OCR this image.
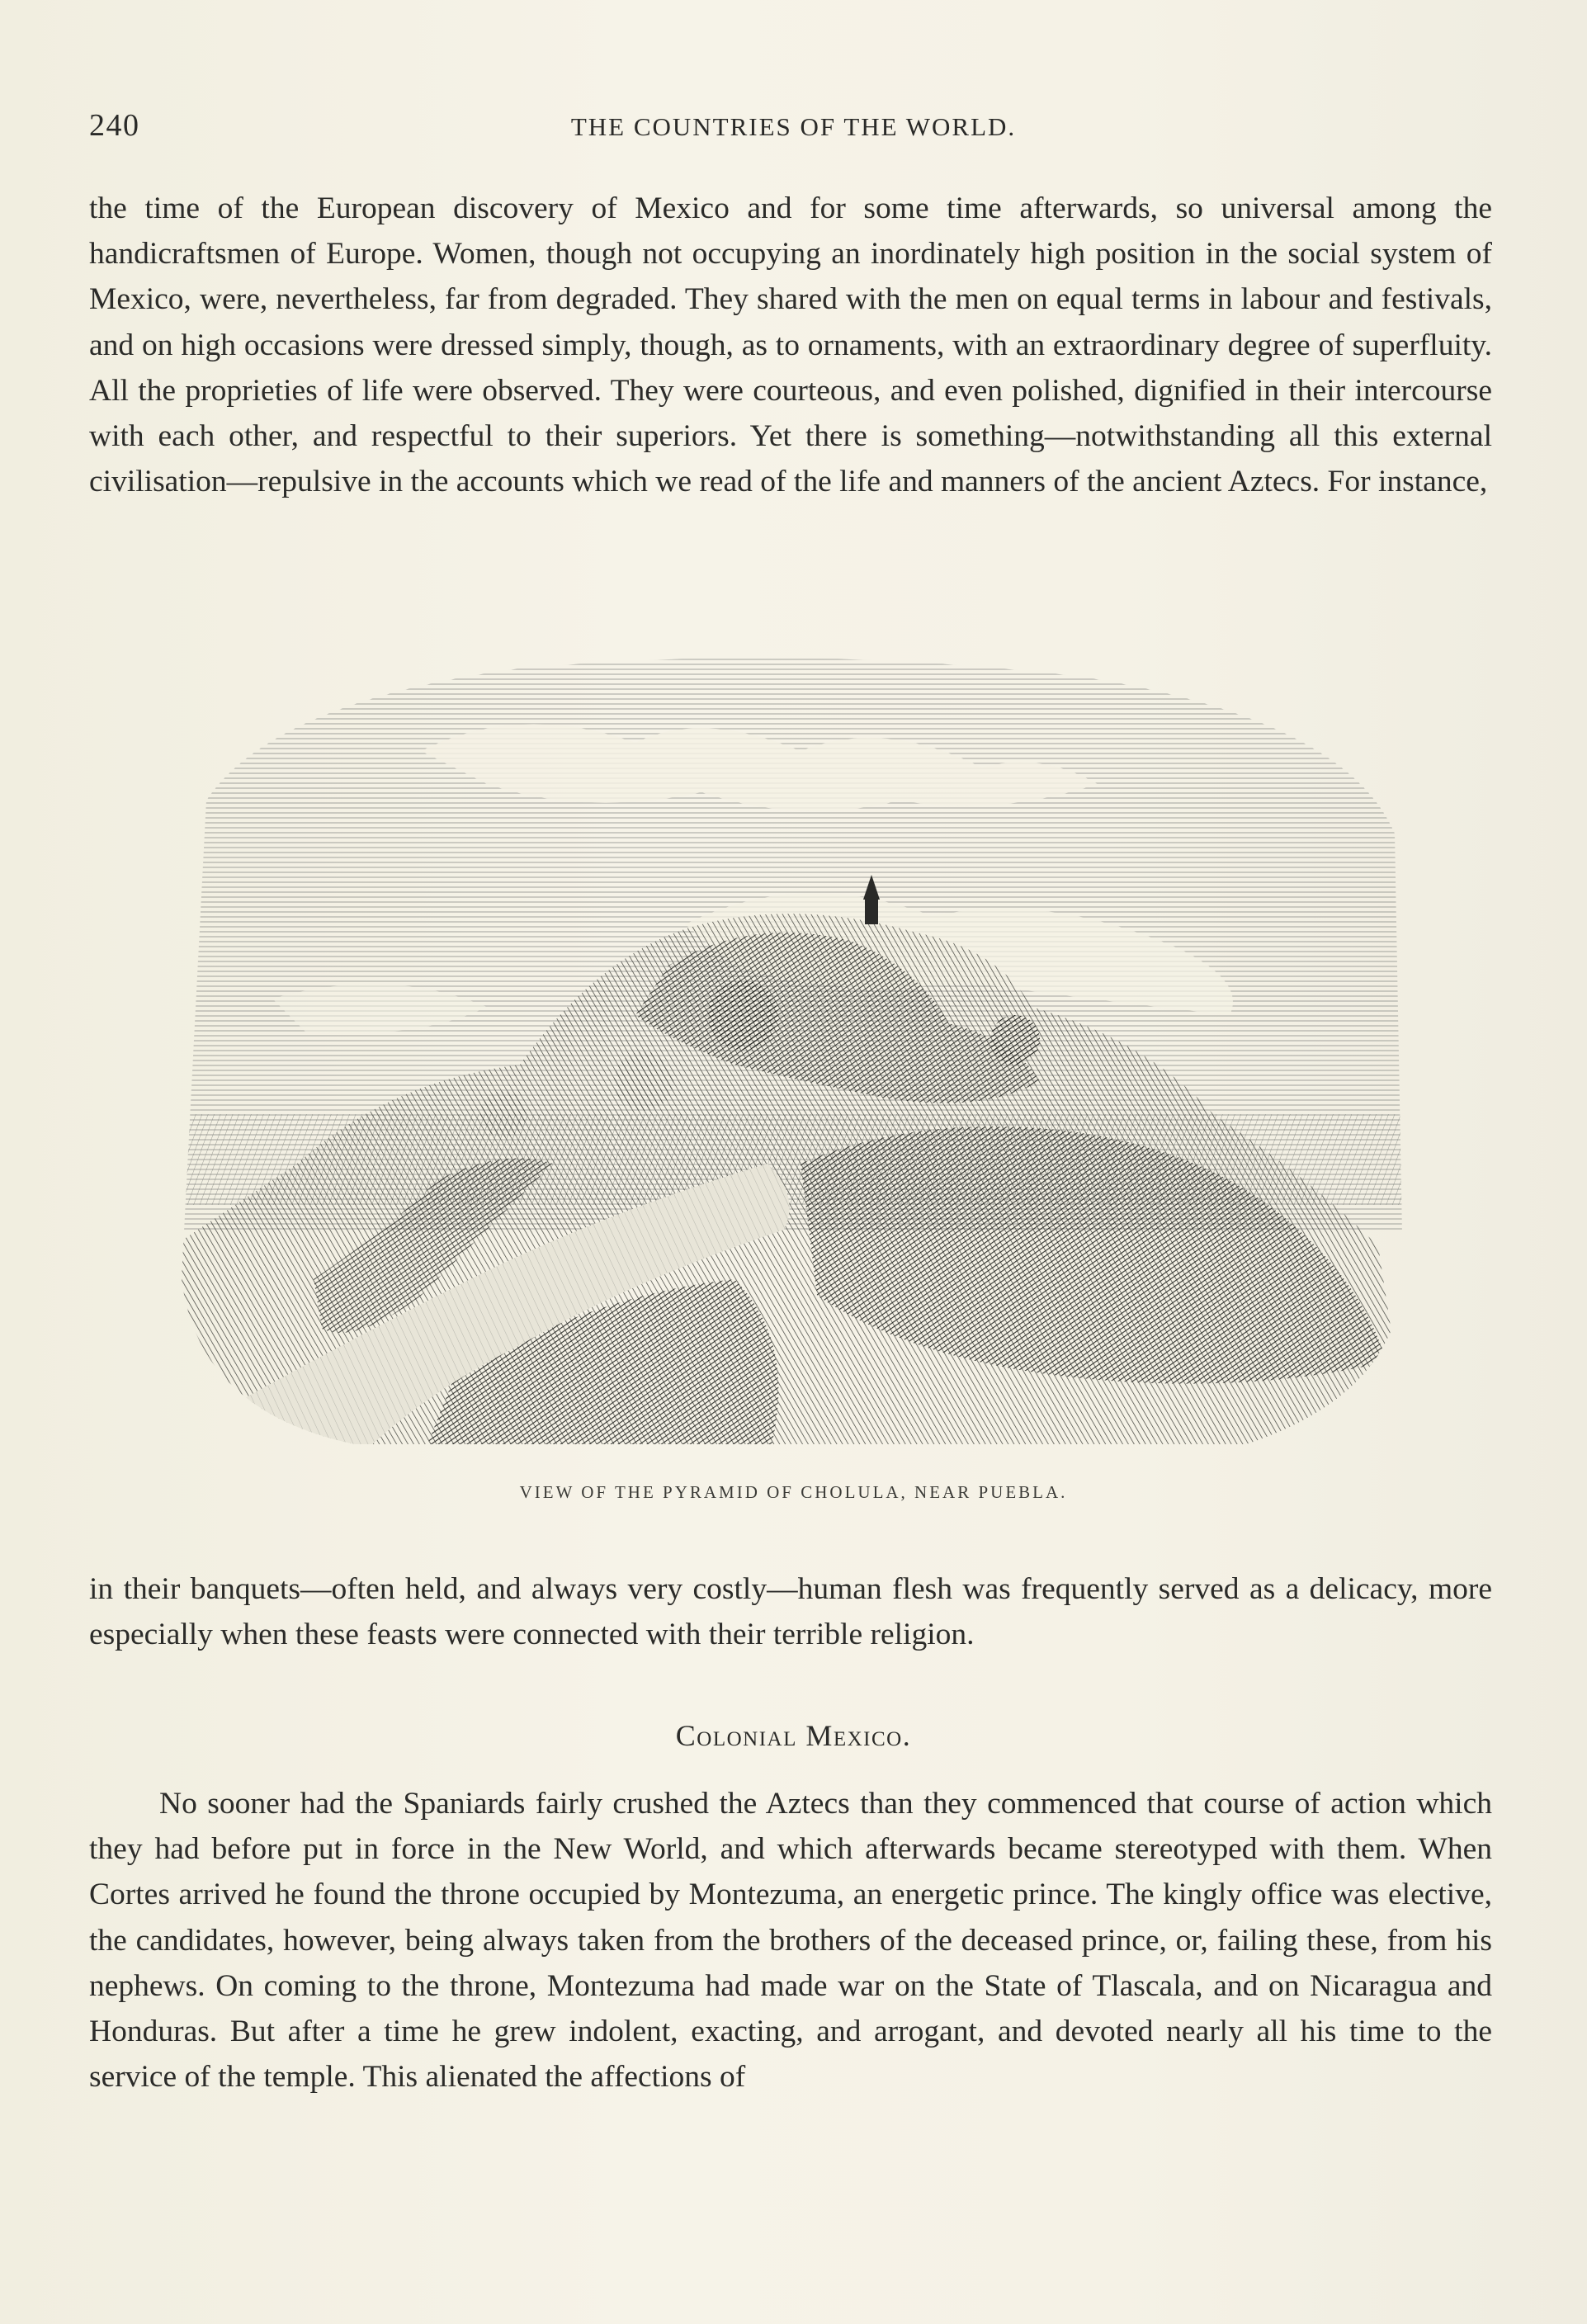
240	THE COUNTRIES OF THE WORLD.

the time of the European discovery of Mexico and for some time afterwards, so universal among the handicraftsmen of Europe. Women, though not occupying an inordinately high position in the social system of Mexico, were, nevertheless, far from degraded. They shared with the men on equal terms in labour and festivals, and on high occasions were dressed simply, though, as to ornaments, with an extraordinary degree of superfluity. All the proprieties of life were observed. They were courteous, and even polished, dignified in their intercourse with each other, and respectful to their superiors. Yet there is something—notwithstanding all this external civilisation—repulsive in the accounts which we read of the life and manners of the ancient Aztecs. For instance,

VIEW OF THE PYRAMID OF CHOLULA, NEAR PUEBLA.

in their banquets—often held, and always very costly—human flesh was frequently served as a delicacy, more especially when these feasts were connected with their terrible religion.

Colonial Mexico.

No sooner had the Spaniards fairly crushed the Aztecs than they commenced that course of action which they had before put in force in the New World, and which afterwards became stereotyped with them. When Cortes arrived he found the throne occupied by Montezuma, an energetic prince. The kingly office was elective, the candidates, however, being always taken from the brothers of the deceased prince, or, failing these, from his nephews. On coming to the throne, Montezuma had made war on the State of Tlascala, and on Nicaragua and Honduras. But after a time he grew indolent, exacting, and arrogant, and devoted nearly all his time to the service of the temple. This alienated the affections of
